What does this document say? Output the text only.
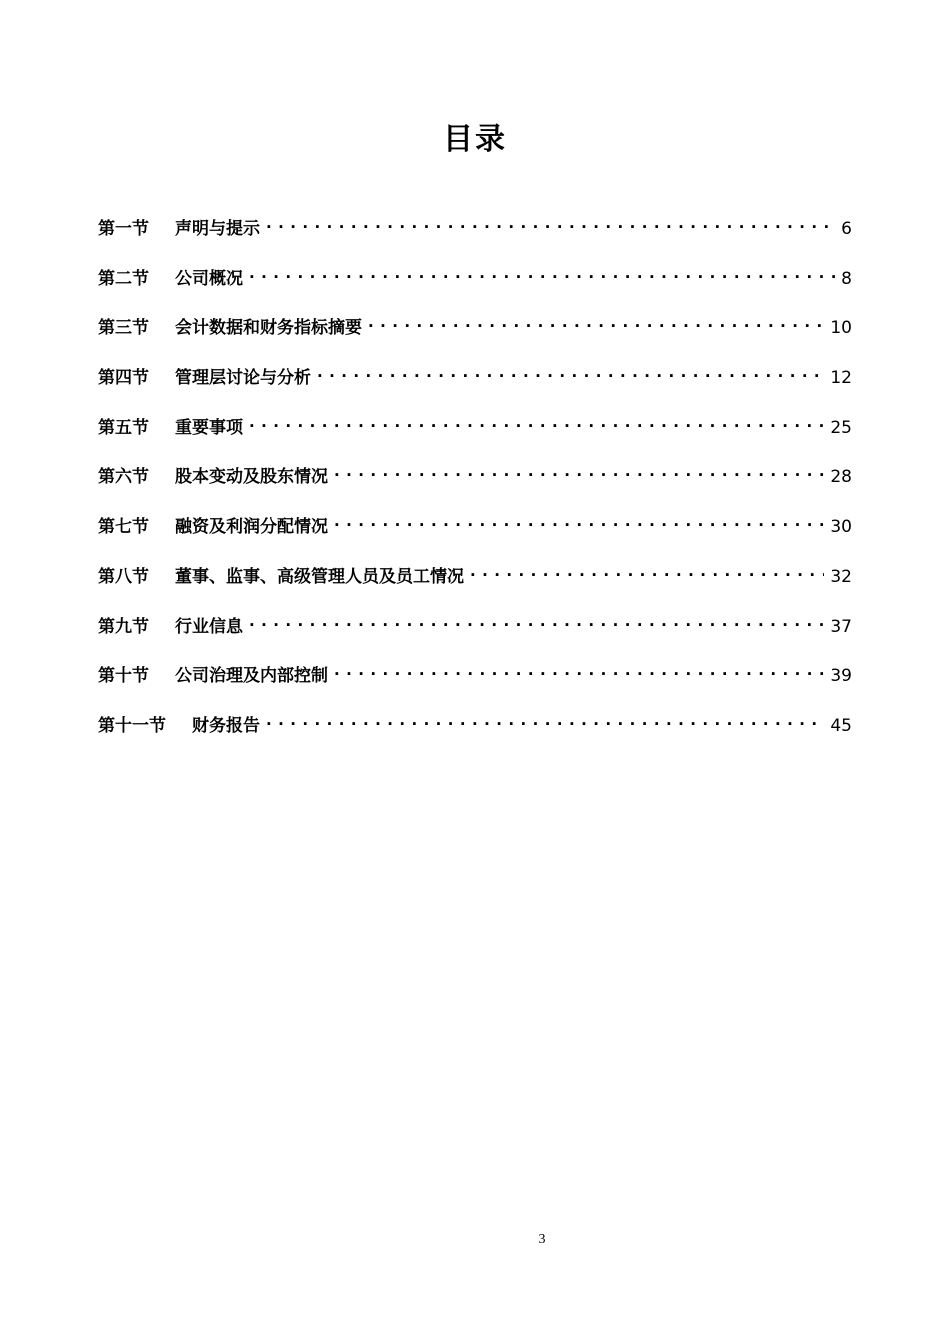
目录
第一节 声明与提示 . . .	6
第二节 公司概况 . . .	8
第三节 会计数据和财务指标摘要 . . .	10
第四节 管理层讨论与分析 . . .	12
第五节 重要事项 . . .	25
第六节 股本变动及股东情况 . . .	28
第七节 融资及利润分配情况 . . .	30
第八节 董事、监事、高级管理人员及员工情况 . . .	32
第九节 行业信息 . . .	37
第十节 公司治理及内部控制 . . .	39
第十一节 财务报告 . . .	45
3
